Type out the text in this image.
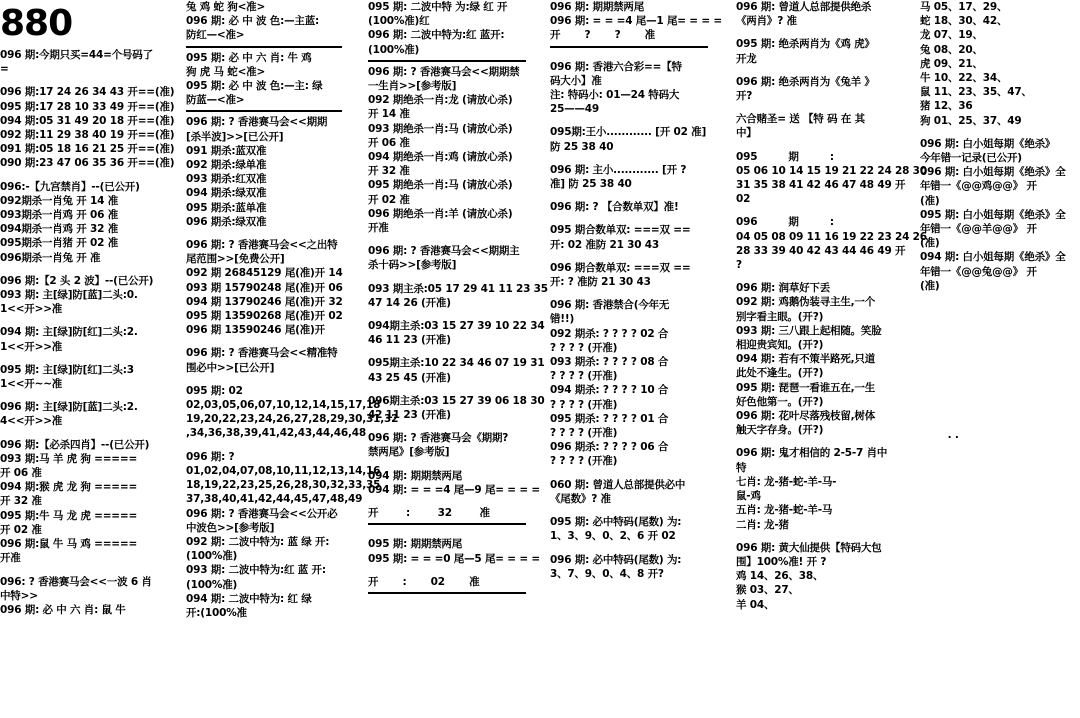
880
096 期:今期只买=44=个号码了
=
096 期:17 24 26 34 43 开==(准)
095 期:17 28 10 33 49 开==(准)
094 期:05 31 49 20 18 开==(准)
092 期:11 29 38 40 19 开==(准)
091 期:05 18 16 21 25 开==(准)
090 期:23 47 06 35 36 开==(准)
096:-【九宫禁肖】--(已公开)
092期杀一肖兔 开 14 准
093期杀一肖鸡 开 06 准
094期杀一肖鸡 开 32 准
095期杀一肖猪 开 02 准
096期杀一肖兔 开 准
096 期:【2 头 2 波】--(已公开)
093 期: 主[绿]防[蓝]二头:0.
1<<开>>准
094 期: 主[绿]防[红]二头:2.
1<<开>>准
095 期: 主[绿]防[红]二头:3
1<<开~~准
096 期: 主[绿]防[蓝]二头:2.
4<<开>>准
096 期:【必杀四肖】--(已公开)
093 期:马 羊 虎 狗 =====
开 06 准
094 期:猴 虎 龙 狗 =====
开 32 准
095 期:牛 马 龙 虎 =====
开 02 准
096 期:鼠 牛 马 鸡 =====
开准
096: ? 香港赛马会<<一波 6 肖
中特>>
096 期: 必 中 六 肖: 鼠 牛
兔 鸡 蛇 狗<准>
096 期: 必 中 波 色:—主蓝:
防红—<准>
095 期: 必 中 六 肖: 牛 鸡
狗 虎 马 蛇<准>
095 期: 必 中 波 色:—主: 绿
防蓝—<准>
096 期: ? 香港赛马会<<期期
[杀半波]>>[已公开]
091 期杀:蓝双准
092 期杀:绿单准
093 期杀:红双准
094 期杀:绿双准
095 期杀:蓝单准
096 期杀:绿双准
096 期: ? 香港赛马会<<之出特
尾范围>>[免费公开]
092 期 26845129 尾(准)开 14
093 期 15790248 尾(准)开 06
094 期 13790246 尾(准)开 32
095 期 13590268 尾(准)开 02
096 期 13590246 尾(准)开
096 期: ? 香港赛马会<<精准特
围必中>>[已公开]
095 期: 02
02,03,05,06,07,10,12,14,15,17,18
19,20,22,23,24,26,27,28,29,30,31,32
,34,36,38,39,41,42,43,44,46,48
096 期: ?
01,02,04,07,08,10,11,12,13,14,16
18,19,22,23,25,26,28,30,32,33,35
37,38,40,41,42,44,45,47,48,49
096 期: ? 香港赛马会<<公开必
中波色>>[参考版]
092 期: 二波中特为: 蓝 绿 开:
(100%准)
093 期: 二波中特为:红 蓝 开:
(100%准)
094 期: 二波中特为: 红 绿
开:(100%准
095 期: 二波中特 为:绿 红 开
(100%准)红
096 期: 二波中特为:红 蓝开:
(100%准)
096 期: ? 香港赛马会<<期期禁
一生肖>>[参考版]
092 期绝杀一肖:龙 (请放心杀)
开 14 准
093 期绝杀一肖:马 (请放心杀)
开 06 准
094 期绝杀一肖:鸡 (请放心杀)
开 32 准
095 期绝杀一肖:马 (请放心杀)
开 02 准
096 期绝杀一肖:羊 (请放心杀)
开准
096 期: ? 香港赛马会<<期期主
杀十码>>[参考版]
093 期主杀:05 17 29 41 11 23 35
47 14 26 (开准)
094期主杀:03 15 27 39 10 22 34
46 11 23 (开准)
095期主杀:10 22 34 46 07 19 31
43 25 45 (开准)
096期主杀:03 15 27 39 06 18 30
42 11 23 (开准)
096 期: ? 香港赛马会《期期?
禁两尾》[参考版]
094 期: 期期禁两尾
094 期: = = =4 尾—9 尾= = = =
开        :        32        准
095 期: 期期禁两尾
095 期: = = =0 尾—5 尾= = = =
开       :       02       准
096 期: 期期禁两尾
096 期: = = =4 尾—1 尾= = = =
开       ?       ?       准
096 期: 香港六合彩==【特
码大小】准
注: 特码小: 01—24 特码大
25——49
095期:王小............ [开 02 准]
防 25 38 40
096 期: 主小............ [开 ?
准] 防 25 38 40
096 期: ? 【合数单双】准!
095 期合数单双: ===双 ==
开: 02 准防 21 30 43
096 期合数单双: ===双 ==
开: ? 准防 21 30 43
096 期: 香港禁合(今年无
错!!)
092 期杀: ? ? ? ? 02 合
? ? ? ? (开准)
093 期杀: ? ? ? ? 08 合
? ? ? ? (开准)
094 期杀: ? ? ? ? 10 合
? ? ? ? (开准)
095 期杀: ? ? ? ? 01 合
? ? ? ? (开准)
096 期杀: ? ? ? ? 06 合
? ? ? ? (开准)
060 期: 曾道人总部提供必中
《尾数》? 准
095 期: 必中特码(尾数) 为:
1、3、9、0、2、6 开 02
096 期: 必中特码(尾数) 为:
3、7、9、0、4、8 开?
096 期: 曾道人总部提供绝杀
《两肖》? 准
095 期: 绝杀两肖为《鸡 虎》
开龙
096 期: 绝杀两肖为《兔羊 》
开?
六合赌圣= 送 【特 码 在 其
中】
095         期         :
05 06 10 14 15 19 21 22 24 28 30
31 35 38 41 42 46 47 48 49 开
02
096         期         :
04 05 08 09 11 16 19 22 23 24 26
28 33 39 40 42 43 44 46 49 开
?
096 期: 润草好下丢
092 期: 鸡鹅伪装寻主生,一个
别字看主眼。(开?)
093 期: 三八跟上起相随。笑脸
相迎贵宾知。(开?)
094 期: 若有不策半路死,只道
此处不逢生。(开?)
095 期: 琵琶一看谁五在,一生
好色他第一。(开?)
096 期: 花叶尽落残枝留,树体
触天字存身。(开?)
096 期: 鬼才相信的 2-5-7 肖中
特
七肖: 龙-猪-蛇-羊-马-
鼠-鸡
五肖: 龙-猪-蛇-羊-马
二肖: 龙-猪
096 期: 黄大仙提供【特码大包
围】100%准! 开 ?
鸡 14、26、38、
猴 03、27、
羊 04、
马 05、17、29、
蛇 18、30、42、
龙 07、19、
兔 08、20、
虎 09、21、
牛 10、22、34、
鼠 11、23、35、47、
猪 12、36
狗 01、25、37、49
096 期: 白小姐每期《绝杀》
今年错一记录(已公开)
096 期: 白小姐每期《绝杀》全
年错一《@@鸡@@》 开
(准)
095 期: 白小姐每期《绝杀》全
年错一《@@羊@@》 开
(准)
094 期: 白小姐每期《绝杀》全
年错一《@@兔@@》 开
(准)
. .
